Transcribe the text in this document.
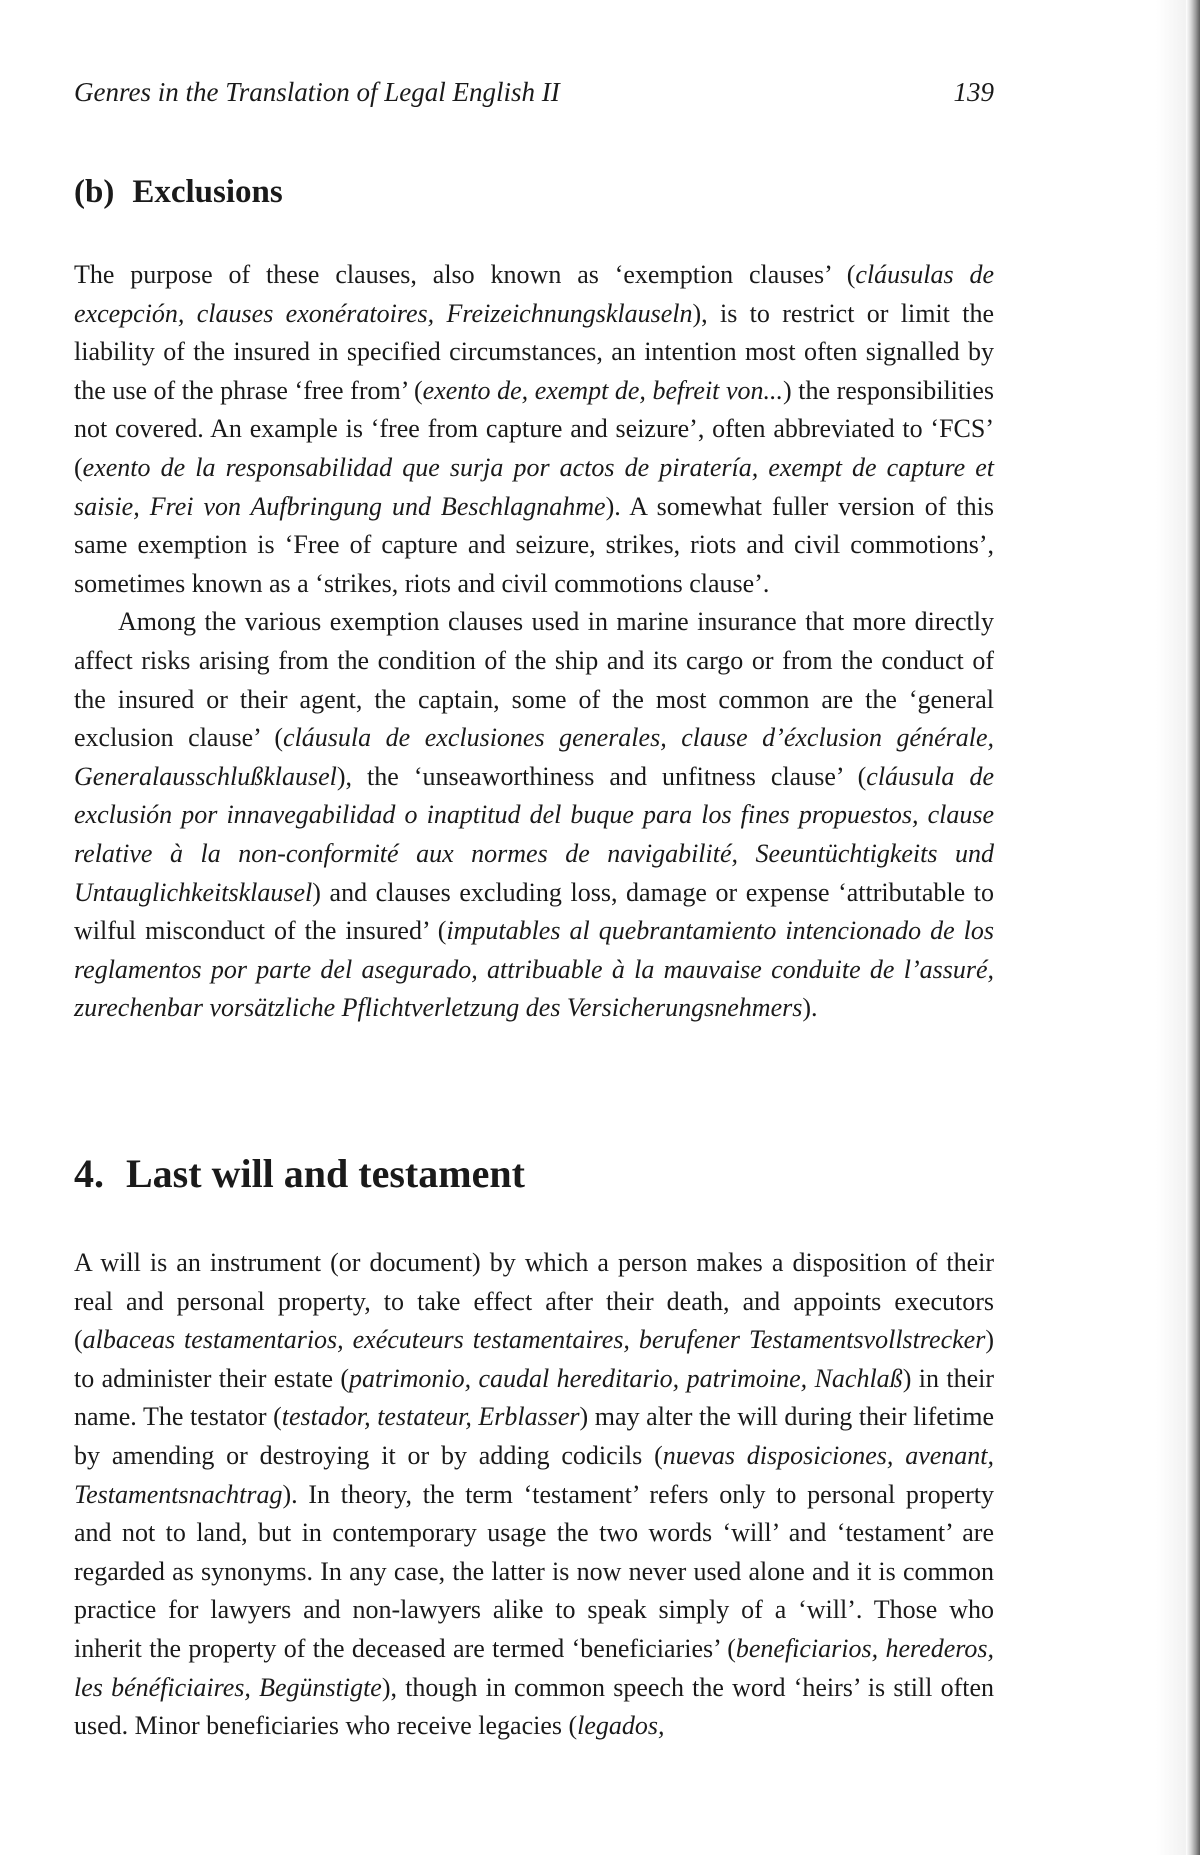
Genres in the Translation of Legal English II	139
(b) Exclusions

The purpose of these clauses, also known as ‘exemption clauses’ (cláusulas de excepción, clauses exonératoires, Freizeichnungsklauseln), is to restrict or limit the liability of the insured in specified circumstances, an intention most often signalled by the use of the phrase ‘free from’ (exento de, exempt de, befreit von...) the responsibilities not covered. An example is ‘free from capture and seizure’, often abbreviated to ‘FCS’ (exento de la responsabilidad que surja por actos de piratería, exempt de capture et saisie, Frei von Aufbringung und Beschlagnahme). A somewhat fuller version of this same exemption is ‘Free of capture and seizure, strikes, riots and civil commotions’, sometimes known as a ‘strikes, riots and civil commotions clause’.

Among the various exemption clauses used in marine insurance that more directly affect risks arising from the condition of the ship and its cargo or from the conduct of the insured or their agent, the captain, some of the most common are the ‘general exclusion clause’ (cláusula de exclusiones generales, clause d’éxclusion générale, Generalausschlußklausel), the ‘unseaworthiness and unfitness clause’ (cláusula de exclusión por innavegabilidad o inaptitud del buque para los fines propuestos, clause relative à la non-conformité aux normes de navigabilité, Seeuntüchtigkeits und Untauglichkeitsklausel) and clauses excluding loss, damage or expense ‘attributable to wilful misconduct of the insured’ (imputables al quebrantamiento intencionado de los reglamentos por parte del asegurado, attribuable à la mauvaise conduite de l’assuré, zurechenbar vorsätzliche Pflichtverletzung des Versicherungsnehmers).

4. Last will and testament

A will is an instrument (or document) by which a person makes a disposition of their real and personal property, to take effect after their death, and appoints executors (albaceas testamentarios, exécuteurs testamentaires, berufener Testamentsvollstrecker) to administer their estate (patrimonio, caudal hereditario, patrimoine, Nachlaß) in their name. The testator (testador, testateur, Erblasser) may alter the will during their lifetime by amending or destroying it or by adding codicils (nuevas disposiciones, avenant, Testamentsnachtrag). In theory, the term ‘testament’ refers only to personal property and not to land, but in contemporary usage the two words ‘will’ and ‘testament’ are regarded as synonyms. In any case, the latter is now never used alone and it is common practice for lawyers and non-lawyers alike to speak simply of a ‘will’. Those who inherit the property of the deceased are termed ‘beneficiaries’ (beneficiarios, herederos, les bénéficiaires, Begünstigte), though in common speech the word ‘heirs’ is still often used. Minor beneficiaries who receive legacies (legados,
